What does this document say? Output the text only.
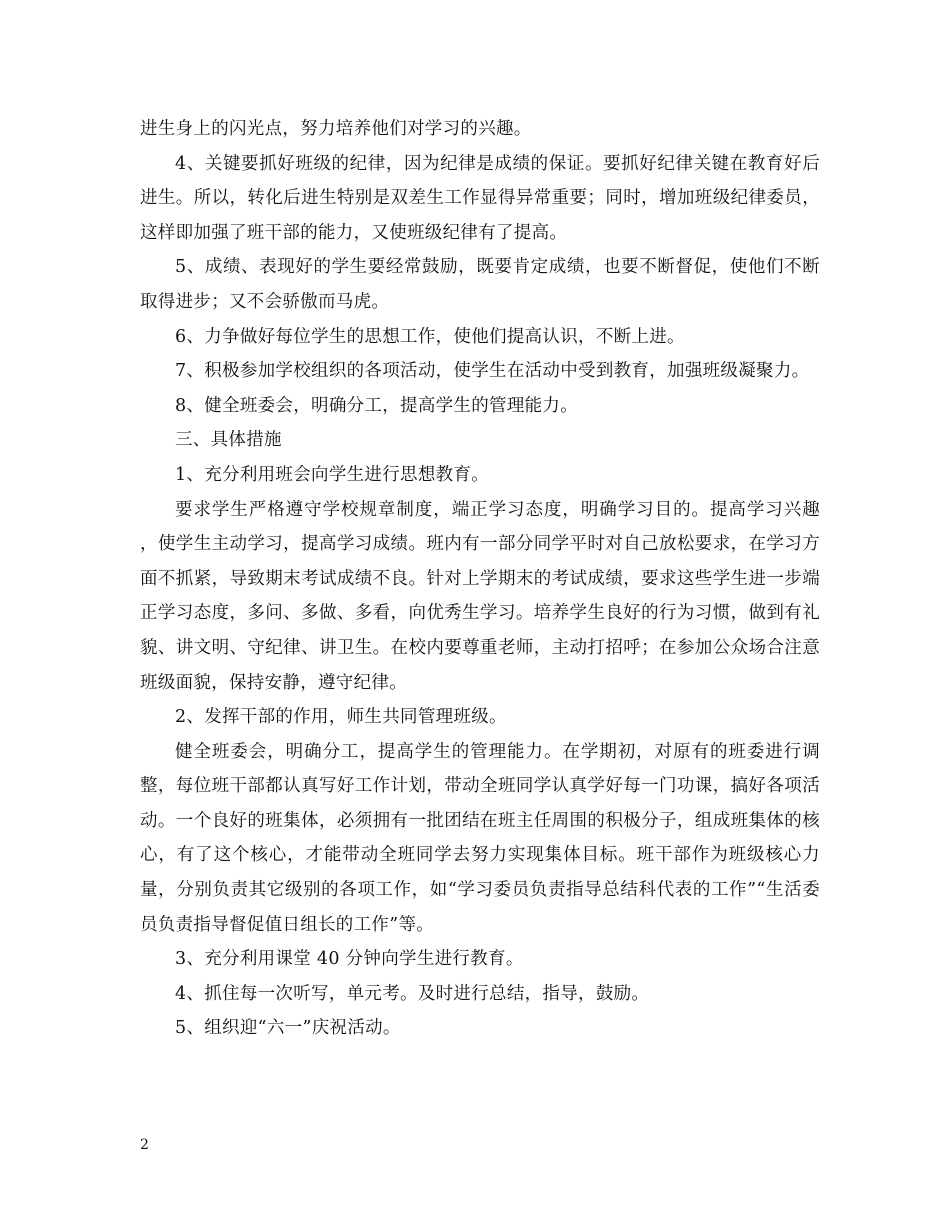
进生身上的闪光点，努力培养他们对学习的兴趣。

4、关键要抓好班级的纪律，因为纪律是成绩的保证。要抓好纪律关键在教育好后进生。所以，转化后进生特别是双差生工作显得异常重要；同时，增加班级纪律委员，这样即加强了班干部的能力，又使班级纪律有了提高。

5、成绩、表现好的学生要经常鼓励，既要肯定成绩，也要不断督促，使他们不断取得进步；又不会骄傲而马虎。

6、力争做好每位学生的思想工作，使他们提高认识，不断上进。

7、积极参加学校组织的各项活动，使学生在活动中受到教育，加强班级凝聚力。

8、健全班委会，明确分工，提高学生的管理能力。

三、具体措施

1、充分利用班会向学生进行思想教育。

要求学生严格遵守学校规章制度，端正学习态度，明确学习目的。提高学习兴趣 ，使学生主动学习，提高学习成绩。班内有一部分同学平时对自己放松要求，在学习方面不抓紧，导致期末考试成绩不良。针对上学期末的考试成绩，要求这些学生进一步端正学习态度，多问、多做、多看，向优秀生学习。培养学生良好的行为习惯，做到有礼貌、讲文明、守纪律、讲卫生。在校内要尊重老师，主动打招呼；在参加公众场合注意班级面貌，保持安静，遵守纪律。

2、发挥干部的作用，师生共同管理班级。

健全班委会，明确分工，提高学生的管理能力。在学期初，对原有的班委进行调整，每位班干部都认真写好工作计划，带动全班同学认真学好每一门功课，搞好各项活动。一个良好的班集体，必须拥有一批团结在班主任周围的积极分子，组成班集体的核心，有了这个核心，才能带动全班同学去努力实现集体目标。班干部作为班级核心力量，分别负责其它级别的各项工作，如“学习委员负责指导总结科代表的工作”“生活委员负责指导督促值日组长的工作”等。

3、充分利用课堂 40 分钟向学生进行教育。

4、抓住每一次听写，单元考。及时进行总结，指导，鼓励。

5、组织迎“六一”庆祝活动。

2
